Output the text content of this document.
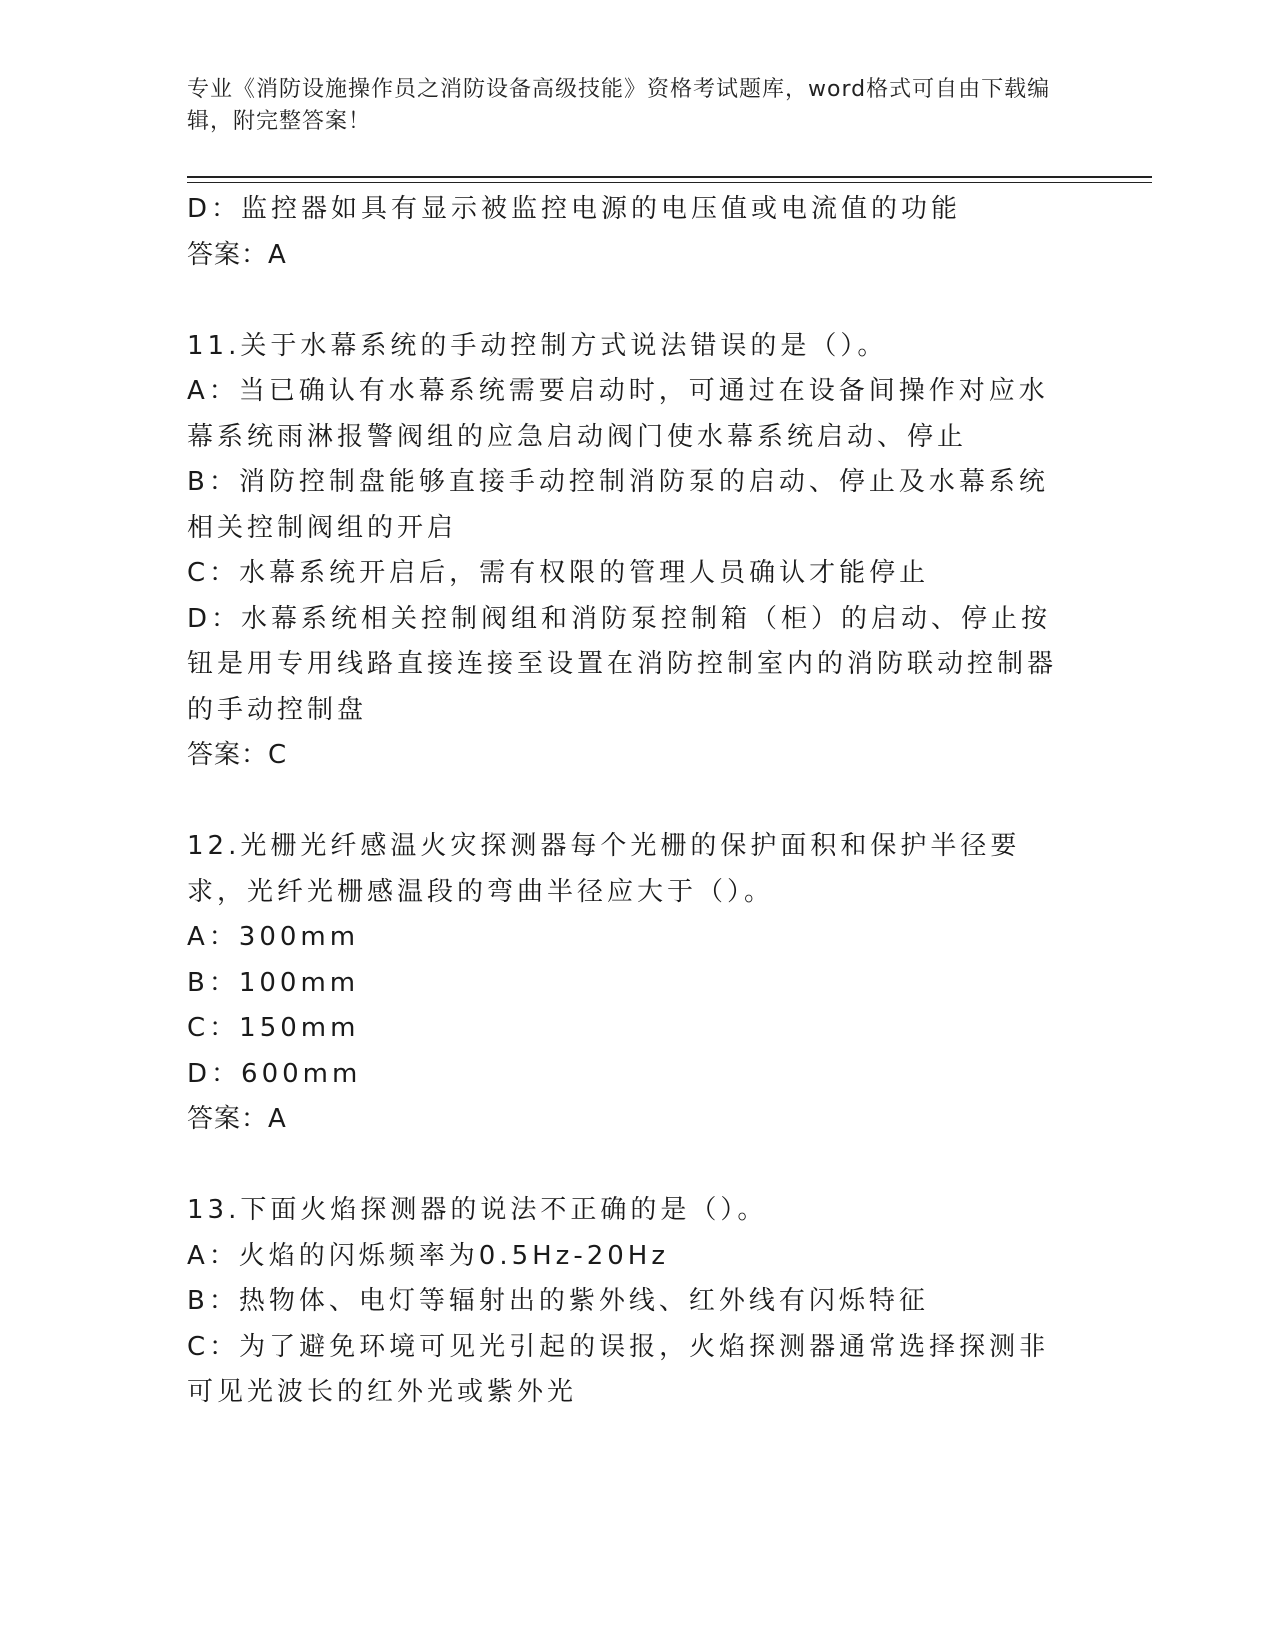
专业《消防设施操作员之消防设备高级技能》资格考试题库，word格式可自由下载编辑，附完整答案！
D：监控器如具有显示被监控电源的电压值或电流值的功能
答案：A
11.关于水幕系统的手动控制方式说法错误的是（）。
A：当已确认有水幕系统需要启动时，可通过在设备间操作对应水幕系统雨淋报警阀组的应急启动阀门使水幕系统启动、停止
B：消防控制盘能够直接手动控制消防泵的启动、停止及水幕系统相关控制阀组的开启
C：水幕系统开启后，需有权限的管理人员确认才能停止
D：水幕系统相关控制阀组和消防泵控制箱（柜）的启动、停止按钮是用专用线路直接连接至设置在消防控制室内的消防联动控制器的手动控制盘
答案：C
12.光栅光纤感温火灾探测器每个光栅的保护面积和保护半径要求，光纤光栅感温段的弯曲半径应大于（）。
A：300mm
B：100mm
C：150mm
D：600mm
答案：A
13.下面火焰探测器的说法不正确的是（）。
A：火焰的闪烁频率为0.5Hz-20Hz
B：热物体、电灯等辐射出的紫外线、红外线有闪烁特征
C：为了避免环境可见光引起的误报，火焰探测器通常选择探测非可见光波长的红外光或紫外光
